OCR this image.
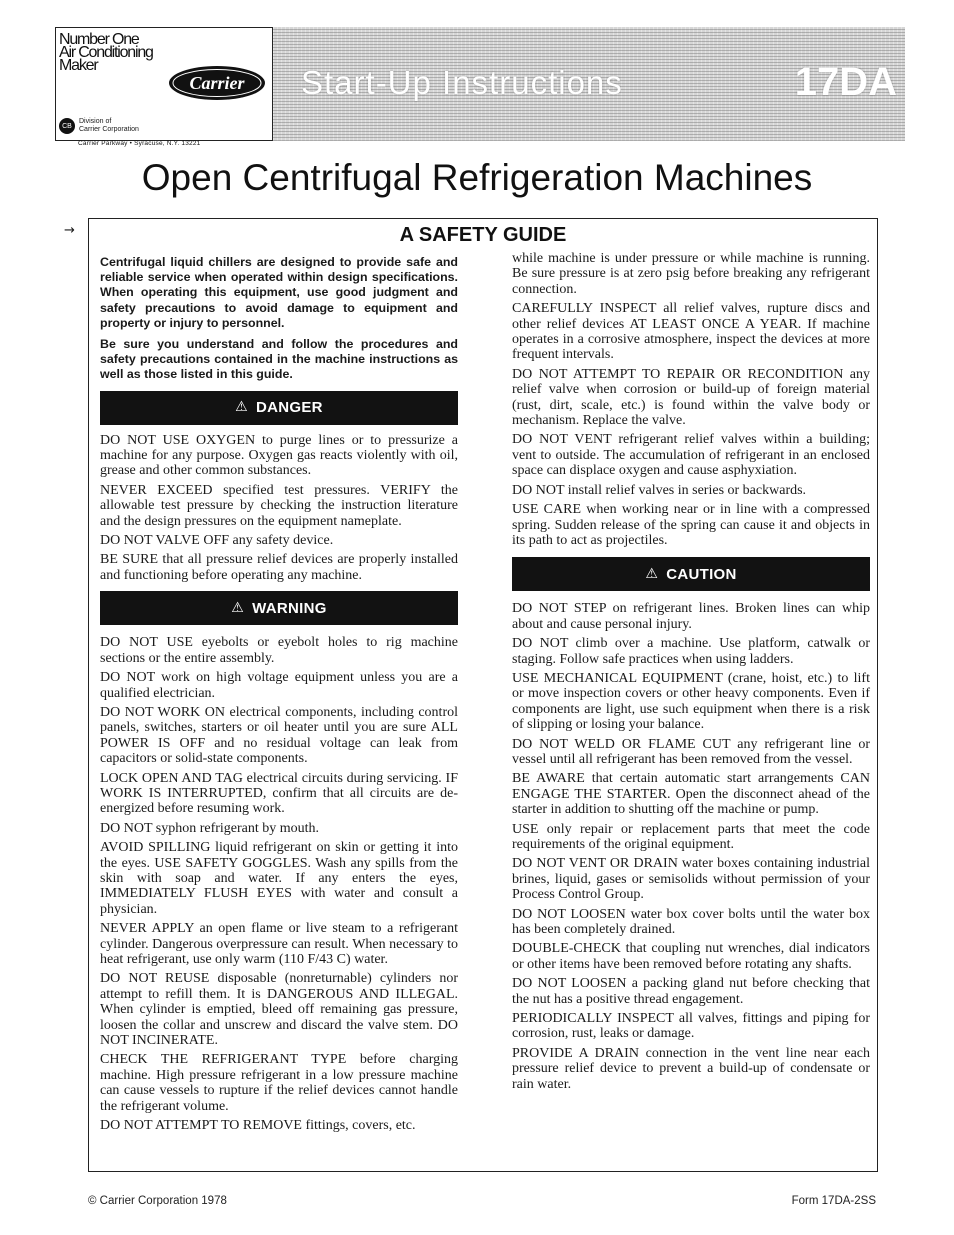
Number One
Air Conditioning
Maker
Carrier
CB
Division of
Carrier Corporation
Carrier Parkway • Syracuse, N.Y. 13221
Start-Up Instructions	17DA
Open Centrifugal Refrigeration Machines
→	A SAFETY GUIDE

Centrifugal liquid chillers are designed to provide safe and reliable service when operated within design specifications. When operating this equipment, use good judgment and safety precautions to avoid damage to equipment and property or injury to personnel.

Be sure you understand and follow the procedures and safety precautions contained in the machine instructions as well as those listed in this guide.

⚠ DANGER

DO NOT USE OXYGEN to purge lines or to pressurize a machine for any purpose. Oxygen gas reacts violently with oil, grease and other common substances.

NEVER EXCEED specified test pressures. VERIFY the allowable test pressure by checking the instruction literature and the design pressures on the equipment nameplate.

DO NOT VALVE OFF any safety device.

BE SURE that all pressure relief devices are properly installed and functioning before operating any machine.

⚠ WARNING

DO NOT USE eyebolts or eyebolt holes to rig machine sections or the entire assembly.

DO NOT work on high voltage equipment unless you are a qualified electrician.

DO NOT WORK ON electrical components, including control panels, switches, starters or oil heater until you are sure ALL POWER IS OFF and no residual voltage can leak from capacitors or solid-state components.

LOCK OPEN AND TAG electrical circuits during servicing. IF WORK IS INTERRUPTED, confirm that all circuits are de-energized before resuming work.

DO NOT syphon refrigerant by mouth.

AVOID SPILLING liquid refrigerant on skin or getting it into the eyes. USE SAFETY GOGGLES. Wash any spills from the skin with soap and water. If any enters the eyes, IMMEDIATELY FLUSH EYES with water and consult a physician.

NEVER APPLY an open flame or live steam to a refrigerant cylinder. Dangerous overpressure can result. When necessary to heat refrigerant, use only warm (110 F/43 C) water.

DO NOT REUSE disposable (nonreturnable) cylinders nor attempt to refill them. It is DANGEROUS AND ILLEGAL. When cylinder is emptied, bleed off remaining gas pressure, loosen the collar and unscrew and discard the valve stem. DO NOT INCINERATE.

CHECK THE REFRIGERANT TYPE before charging machine. High pressure refrigerant in a low pressure machine can cause vessels to rupture if the relief devices cannot handle the refrigerant volume.

DO NOT ATTEMPT TO REMOVE fittings, covers, etc.

while machine is under pressure or while machine is running. Be sure pressure is at zero psig before breaking any refrigerant connection.

CAREFULLY INSPECT all relief valves, rupture discs and other relief devices AT LEAST ONCE A YEAR. If machine operates in a corrosive atmosphere, inspect the devices at more frequent intervals.

DO NOT ATTEMPT TO REPAIR OR RECONDITION any relief valve when corrosion or build-up of foreign material (rust, dirt, scale, etc.) is found within the valve body or mechanism. Replace the valve.

DO NOT VENT refrigerant relief valves within a building; vent to outside. The accumulation of refrigerant in an enclosed space can displace oxygen and cause asphyxiation.

DO NOT install relief valves in series or backwards.

USE CARE when working near or in line with a compressed spring. Sudden release of the spring can cause it and objects in its path to act as projectiles.

⚠ CAUTION

DO NOT STEP on refrigerant lines. Broken lines can whip about and cause personal injury.

DO NOT climb over a machine. Use platform, catwalk or staging. Follow safe practices when using ladders.

USE MECHANICAL EQUIPMENT (crane, hoist, etc.) to lift or move inspection covers or other heavy components. Even if components are light, use such equipment when there is a risk of slipping or losing your balance.

DO NOT WELD OR FLAME CUT any refrigerant line or vessel until all refrigerant has been removed from the vessel.

BE AWARE that certain automatic start arrangements CAN ENGAGE THE STARTER. Open the disconnect ahead of the starter in addition to shutting off the machine or pump.

USE only repair or replacement parts that meet the code requirements of the original equipment.

DO NOT VENT OR DRAIN water boxes containing industrial brines, liquid, gases or semisolids without permission of your Process Control Group.

DO NOT LOOSEN water box cover bolts until the water box has been completely drained.

DOUBLE-CHECK that coupling nut wrenches, dial indicators or other items have been removed before rotating any shafts.

DO NOT LOOSEN a packing gland nut before checking that the nut has a positive thread engagement.

PERIODICALLY INSPECT all valves, fittings and piping for corrosion, rust, leaks or damage.

PROVIDE A DRAIN connection in the vent line near each pressure relief device to prevent a build-up of condensate or rain water.

© Carrier Corporation 1978	Form 17DA-2SS
